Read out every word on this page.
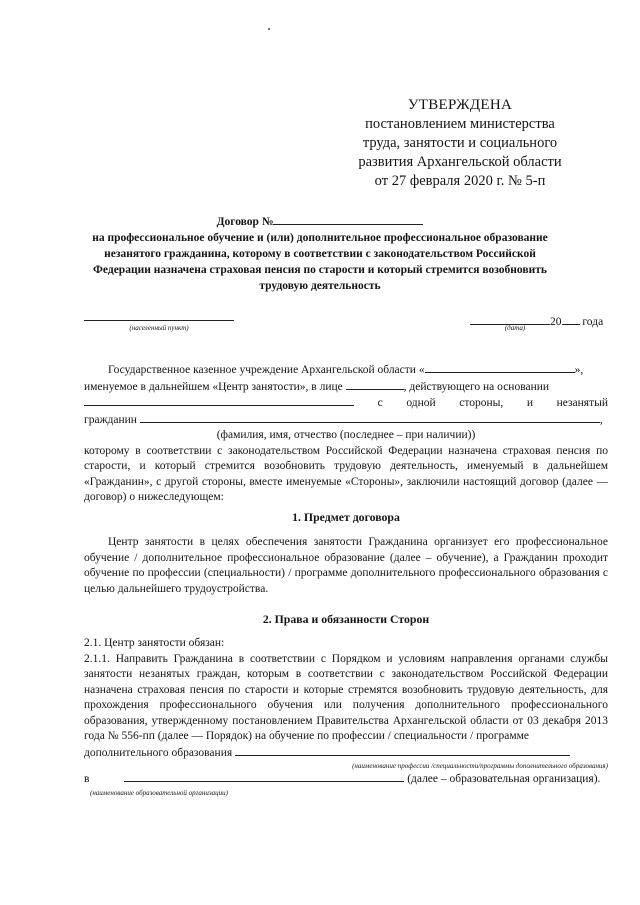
УТВЕРЖДЕНА
постановлением министерства
труда, занятости и социального
развития Архангельской области
от 27 февраля 2020 г. № 5-п
Договор №
на профессиональное обучение и (или) дополнительное профессиональное образование незанятого гражданина, которому в соответствии с законодательством Российской Федерации назначена страховая пенсия по старости и который стремится возобновить трудовую деятельность
(населенный пункт)	20 года
(дата)

Государственное казенное учреждение Архангельской области «	»,

именуемое в дальнейшем «Центр занятости», в лице	, действующего на основании

с одной стороны, и незанятый

гражданин	,

(фамилия, имя, отчество (последнее – при наличии))

которому в соответствии с законодательством Российской Федерации назначена страховая пенсия по старости, и который стремится возобновить трудовую деятельность, именуемый в дальнейшем «Гражданин», с другой стороны, вместе именуемые «Стороны», заключили настоящий договор (далее — договор) о нижеследующем:

1. Предмет договора

Центр занятости в целях обеспечения занятости Гражданина организует его профессиональное обучение / дополнительное профессиональное образование (далее – обучение), а Гражданин проходит обучение по профессии (специальности) / программе дополнительного профессионального образования с целью дальнейшего трудоустройства.

2. Права и обязанности Сторон

2.1. Центр занятости обязан:

2.1.1. Направить Гражданина в соответствии с Порядком и условиям направления органами службы занятости незанятых граждан, которым в соответствии с законодательством Российской Федерации назначена страховая пенсия по старости и которые стремятся возобновить трудовую деятельность, для прохождения профессионального обучения или получения дополнительного профессионального образования, утвержденному постановлением Правительства Архангельской области от 03 декабря 2013 года № 556-пп (далее — Порядок) на обучение по профессии / специальности / программе

дополнительного образования

(наименование профессии /специальности/программы дополнительного образования)

в	(далее – образовательная организация).

(наименование образовательной организации)
